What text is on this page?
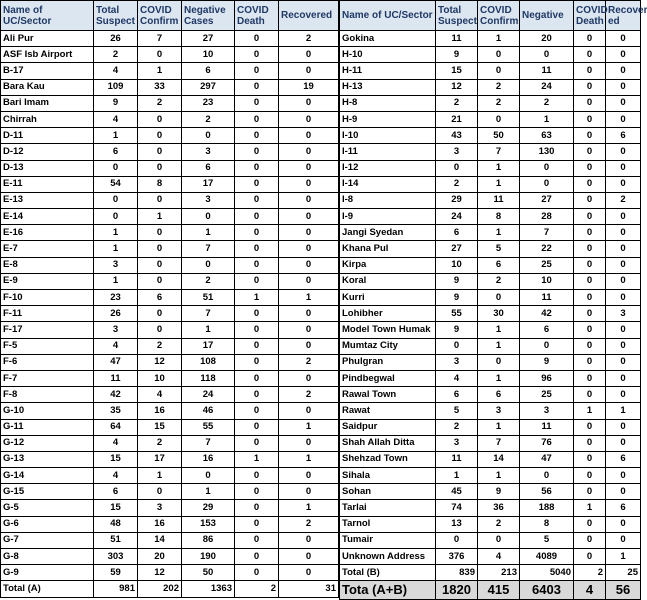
Name of UC/Sector	Total Suspect	COVID Confirm	Negative Cases	COVID Death	Recovered
Ali Pur	26	7	27	0	2
ASF Isb Airport	2	0	10	0	0
B-17	4	1	6	0	0
Bara Kau	109	33	297	0	19
Bari Imam	9	2	23	0	0
Chirrah	4	0	2	0	0
D-11	1	0	0	0	0
D-12	6	0	3	0	0
D-13	0	0	6	0	0
E-11	54	8	17	0	0
E-13	0	0	3	0	0
E-14	0	1	0	0	0
E-16	1	0	1	0	0
E-7	1	0	7	0	0
E-8	3	0	0	0	0
E-9	1	0	2	0	0
F-10	23	6	51	1	1
F-11	26	0	7	0	0
F-17	3	0	1	0	0
F-5	4	2	17	0	0
F-6	47	12	108	0	2
F-7	11	10	118	0	0
F-8	42	4	24	0	2
G-10	35	16	46	0	0
G-11	64	15	55	0	1
G-12	4	2	7	0	0
G-13	15	17	16	1	1
G-14	4	1	0	0	0
G-15	6	0	1	0	0
G-5	15	3	29	0	1
G-6	48	16	153	0	2
G-7	51	14	86	0	0
G-8	303	20	190	0	0
G-9	59	12	50	0	0
Total (A)	981	202	1363	2	31
Name of UC/Sector	Total Suspect	COVID Confirm	Negative	COVID Death	Recover ed
Gokina	11	1	20	0	0
H-10	9	0	0	0	0
H-11	15	0	11	0	0
H-13	12	2	24	0	0
H-8	2	2	2	0	0
H-9	21	0	1	0	0
I-10	43	50	63	0	6
I-11	3	7	130	0	0
I-12	0	1	0	0	0
I-14	2	1	0	0	0
I-8	29	11	27	0	2
I-9	24	8	28	0	0
Jangi Syedan	6	1	7	0	0
Khana Pul	27	5	22	0	0
Kirpa	10	6	25	0	0
Koral	9	2	10	0	0
Kurri	9	0	11	0	0
Lohibher	55	30	42	0	3
Model Town Humak	9	1	6	0	0
Mumtaz City	0	1	0	0	0
Phulgran	3	0	9	0	0
Pindbegwal	4	1	96	0	0
Rawal Town	6	6	25	0	0
Rawat	5	3	3	1	1
Saidpur	2	1	11	0	0
Shah Allah Ditta	3	7	76	0	0
Shehzad Town	11	14	47	0	6
Sihala	1	1	0	0	0
Sohan	45	9	56	0	0
Tarlai	74	36	188	1	6
Tarnol	13	2	8	0	0
Tumair	0	0	5	0	0
Unknown Address	376	4	4089	0	1
Total (B)	839	213	5040	2	25
Tota (A+B)	1820	415	6403	4	56
